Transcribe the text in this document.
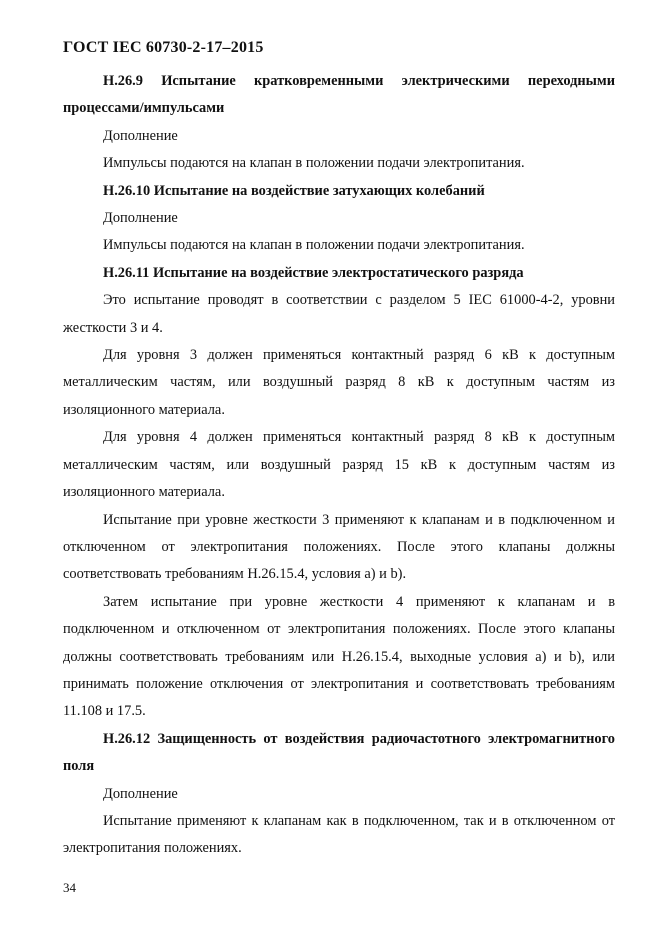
ГОСТ IEC 60730-2-17–2015

Н.26.9 Испытание кратковременными электрическими переходными процессами/импульсами

Дополнение

Импульсы подаются на клапан в положении подачи электропитания.

Н.26.10 Испытание на воздействие затухающих колебаний

Дополнение

Импульсы подаются на клапан в положении подачи электропитания.

Н.26.11 Испытание на воздействие электростатического разряда

Это испытание проводят в соответствии с разделом 5 IEC 61000-4-2, уровни жесткости 3 и 4.

Для уровня 3 должен применяться контактный разряд 6 кВ к доступным металлическим частям, или воздушный разряд 8 кВ к доступным частям из изоляционного материала.

Для уровня 4 должен применяться контактный разряд 8 кВ к доступным металлическим частям, или воздушный разряд 15 кВ к доступным частям из изоляционного материала.

Испытание при уровне жесткости 3 применяют к клапанам и в подключенном и отключенном от электропитания положениях. После этого клапаны должны соответствовать требованиям Н.26.15.4, условия a) и b).

Затем испытание при уровне жесткости 4 применяют к клапанам и в подключенном и отключенном от электропитания положениях. После этого клапаны должны соответствовать требованиям или Н.26.15.4, выходные условия a) и b), или принимать положение отключения от электропитания и соответствовать требованиям 11.108 и 17.5.

Н.26.12 Защищенность от воздействия радиочастотного электромагнитного поля

Дополнение

Испытание применяют к клапанам как в подключенном, так и в отключенном от электропитания положениях.

34
